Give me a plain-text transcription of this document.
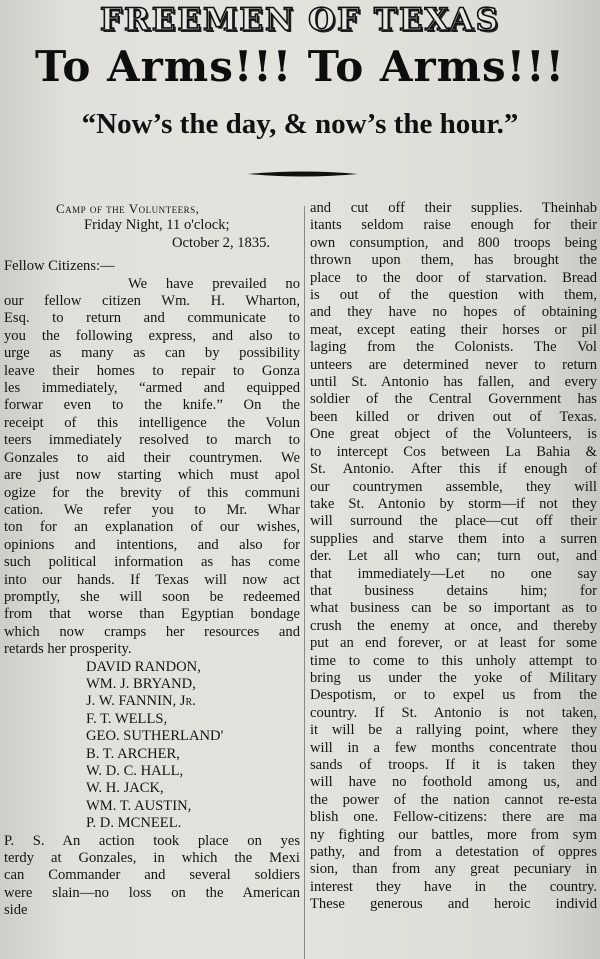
FREEMEN OF TEXAS
To Arms!!! To Arms!!!
“Now’s the day, & now’s the hour.”
Camp of the Volunteers,
Friday Night, 11 o'clock;
October 2, 1835.
Fellow Citizens:—
We have prevailed no
our fellow citizen Wm. H. Wharton,
Esq. to return and communicate to
you the following express, and also to
urge as many as can by possibility
leave their homes to repair to Gonza
les immediately, “armed and equipped
forwar even to the knife.” On the
receipt of this intelligence the Volun
teers immediately resolved to march to
Gonzales to aid their countrymen. We
are just now starting which must apol
ogize for the brevity of this communi
cation. We refer you to Mr. Whar
ton for an explanation of our wishes,
opinions and intentions, and also for
such political information as has come
into our hands. If Texas will now act
promptly, she will soon be redeemed
from that worse than Egyptian bondage
which now cramps her resources and
retards her prosperity.
DAVID RANDON,
WM. J. BRYAND,
J. W. FANNIN, Jr.
F. T. WELLS,
GEO. SUTHERLAND'
B. T. ARCHER,
W. D. C. HALL,
W. H. JACK,
WM. T. AUSTIN,
P. D. MCNEEL.
P. S. An action took place on yes
terdy at Gonzales, in which the Mexi
can Commander and several soldiers
were slain—no loss on the American
side
and cut off their supplies. Theinhab
itants seldom raise enough for their
own consumption, and 800 troops being
thrown upon them, has brought the
place to the door of starvation. Bread
is out of the question with them,
and they have no hopes of obtaining
meat, except eating their horses or pil
laging from the Colonists. The Vol
unteers are determined never to return
until St. Antonio has fallen, and every
soldier of the Central Government has
been killed or driven out of Texas.
One great object of the Volunteers, is
to intercept Cos between La Bahia &
St. Antonio. After this if enough of
our countrymen assemble, they will
take St. Antonio by storm—if not they
will surround the place—cut off their
supplies and starve them into a surren
der. Let all who can; turn out, and
that immediately—Let no one say
that business detains him; for
what business can be so important as to
crush the enemy at once, and thereby
put an end forever, or at least for some
time to come to this unholy attempt to
bring us under the yoke of Military
Despotism, or to expel us from the
country. If St. Antonio is not taken,
it will be a rallying point, where they
will in a few months concentrate thou
sands of troops. If it is taken they
will have no foothold among us, and
the power of the nation cannot re-esta
blish one. Fellow-citizens: there are ma
ny fighting our battles, more from sym
pathy, and from a detestation of oppres
sion, than from any great pecuniary in
interest they have in the country.
These generous and heroic individ
